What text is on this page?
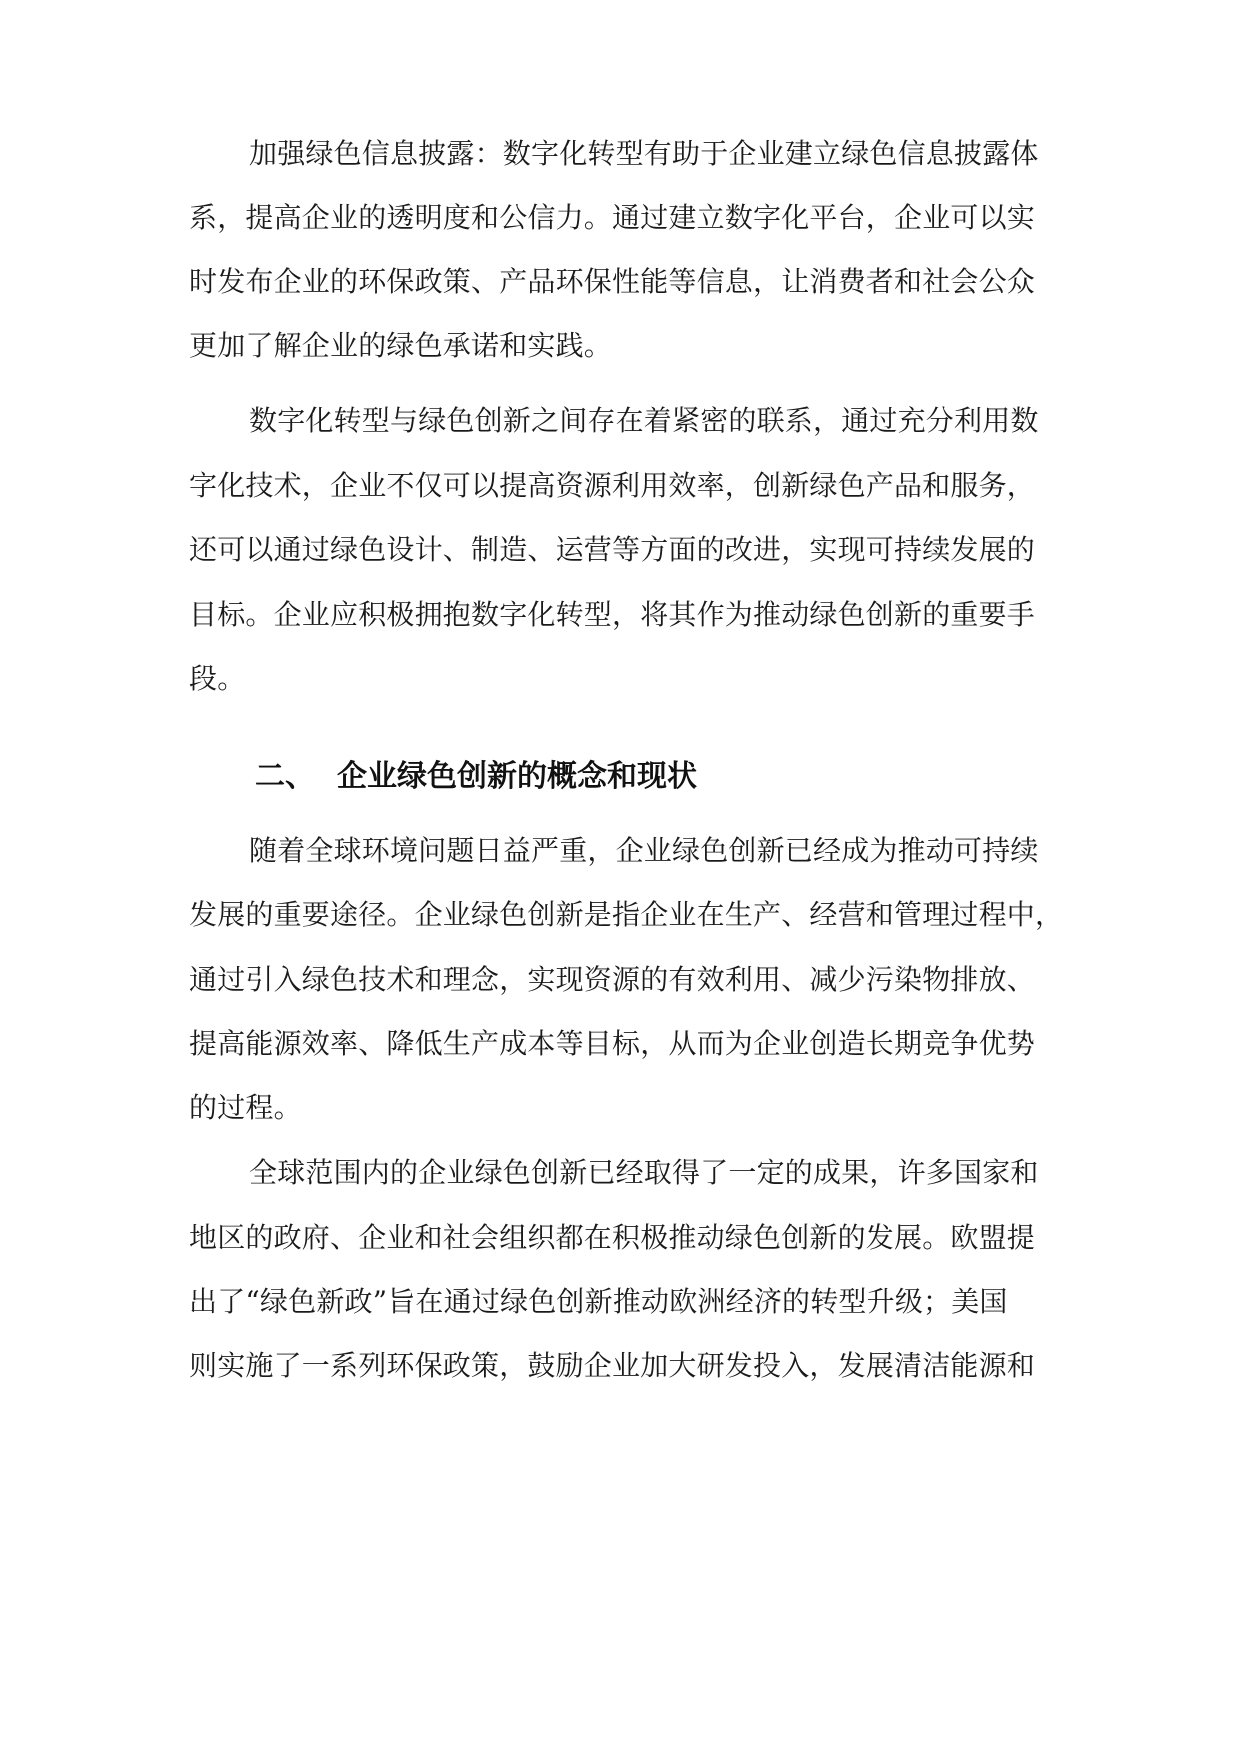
加强绿色信息披露：数字化转型有助于企业建立绿色信息披露体
系，提高企业的透明度和公信力。通过建立数字化平台，企业可以实
时发布企业的环保政策、产品环保性能等信息，让消费者和社会公众
更加了解企业的绿色承诺和实践。
数字化转型与绿色创新之间存在着紧密的联系，通过充分利用数
字化技术，企业不仅可以提高资源利用效率，创新绿色产品和服务，
还可以通过绿色设计、制造、运营等方面的改进，实现可持续发展的
目标。企业应积极拥抱数字化转型，将其作为推动绿色创新的重要手
段。
二、 企业绿色创新的概念和现状
随着全球环境问题日益严重，企业绿色创新已经成为推动可持续
发展的重要途径。企业绿色创新是指企业在生产、经营和管理过程中，
通过引入绿色技术和理念，实现资源的有效利用、减少污染物排放、
提高能源效率、降低生产成本等目标，从而为企业创造长期竞争优势
的过程。
全球范围内的企业绿色创新已经取得了一定的成果，许多国家和
地区的政府、企业和社会组织都在积极推动绿色创新的发展。欧盟提
出了“绿色新政”旨在通过绿色创新推动欧洲经济的转型升级；美国
则实施了一系列环保政策，鼓励企业加大研发投入，发展清洁能源和
